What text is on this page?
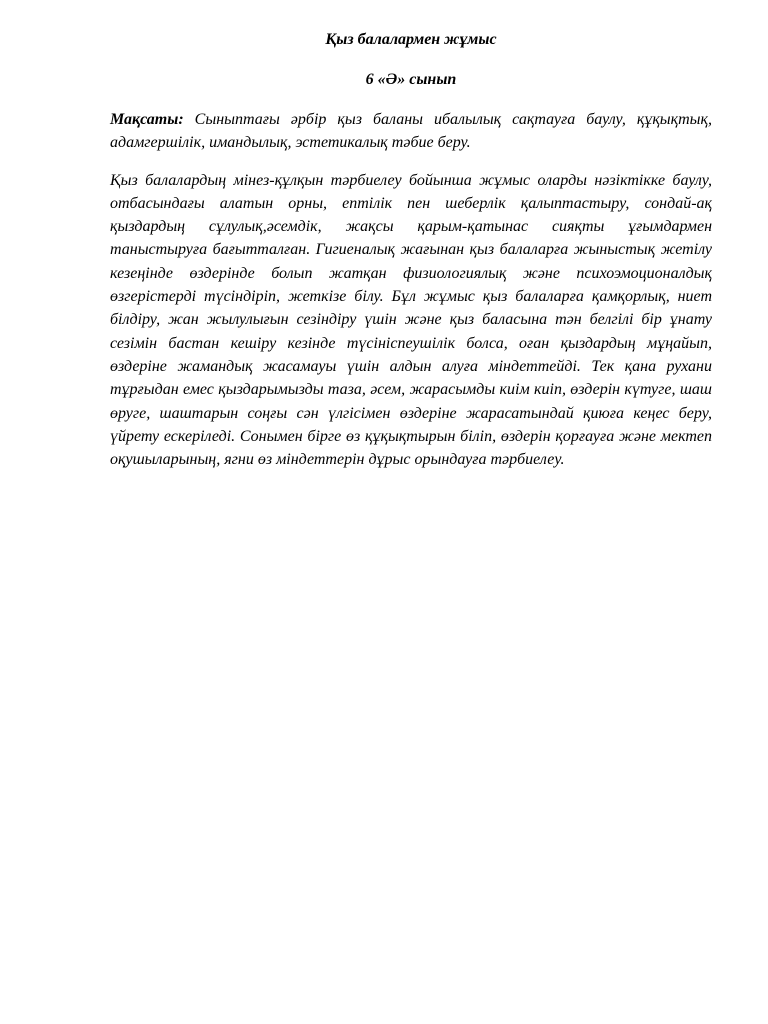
Қыз балалармен жұмыс

6 «Ә» сынып

Мақсаты: Сыныптағы әрбір қыз баланы ибалылық сақтауға баулу, құқықтық, адамгершілік, имандылық, эстетикалық тәбие беру.

Қыз балалардың мінез-құлқын тәрбиелеу бойынша жұмыс оларды нәзіктікке баулу, отбасындағы алатын орны, ептілік пен шеберлік қалыптастыру, сондай-ақ қыздардың сұлулық,әсемдік, жақсы қарым-қатынас сияқты ұғымдармен таныстыруға бағытталған. Гигиеналық жағынан қыз балаларға жыныстық жетілу кезеңінде өздерінде болып жатқан физиологиялық және психоэмоционалдық өзгерістерді түсіндіріп, жеткізе білу. Бұл жұмыс қыз балаларға қамқорлық, ниет білдіру, жан жылулығын сезіндіру үшін және қыз баласына тән белгілі бір ұнату сезімін бастан кешіру кезінде түсініспеушілік болса, оған қыздардың мұңайып, өздеріне жамандық жасамауы үшін алдын алуға міндеттейді. Тек қана рухани тұрғыдан емес қыздарымызды таза, әсем, жарасымды киім киіп, өздерін күтуге, шаш өруге, шаштарын соңғы сән үлгісімен өздеріне жарасатындай қиюға кеңес беру, үйрету ескеріледі. Сонымен бірге өз құқықтырын біліп, өздерін қорғауға және мектеп оқушыларының, ягни өз міндеттерін дұрыс орындауға тәрбиелеу.
